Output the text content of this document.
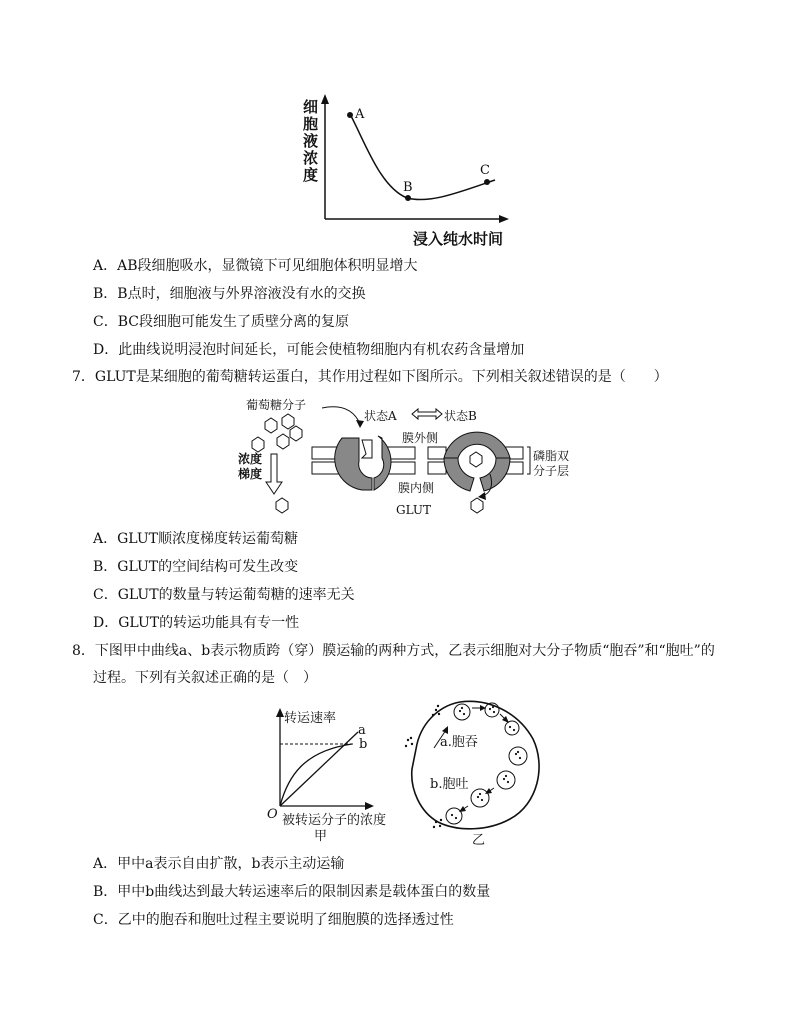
细
胞
液
浓
度
A
B
C
浸入纯水时间
A．AB段细胞吸水，显微镜下可见细胞体积明显增大
B．B点时，细胞液与外界溶液没有水的交换
C．BC段细胞可能发生了质壁分离的复原
D．此曲线说明浸泡时间延长，可能会使植物细胞内有机农药含量增加
7．GLUT是某细胞的葡萄糖转运蛋白，其作用过程如下图所示。下列相关叙述错误的是（　　）
葡萄糖分子
浓度
梯度
状态A	状态B
膜外侧
膜内侧
GLUT
磷脂双
分子层
A．GLUT顺浓度梯度转运葡萄糖
B．GLUT的空间结构可发生改变
C．GLUT的数量与转运葡萄糖的速率无关
D．GLUT的转运功能具有专一性
8．下图甲中曲线a、b表示物质跨（穿）膜运输的两种方式，乙表示细胞对大分子物质“胞吞”和“胞吐”的
过程。下列有关叙述正确的是（　）
转运速率
a
b
O 被转运分子的浓度
甲
a.胞吞
b.胞吐
乙
A．甲中a表示自由扩散，b表示主动运输
B．甲中b曲线达到最大转运速率后的限制因素是载体蛋白的数量
C．乙中的胞吞和胞吐过程主要说明了细胞膜的选择透过性
